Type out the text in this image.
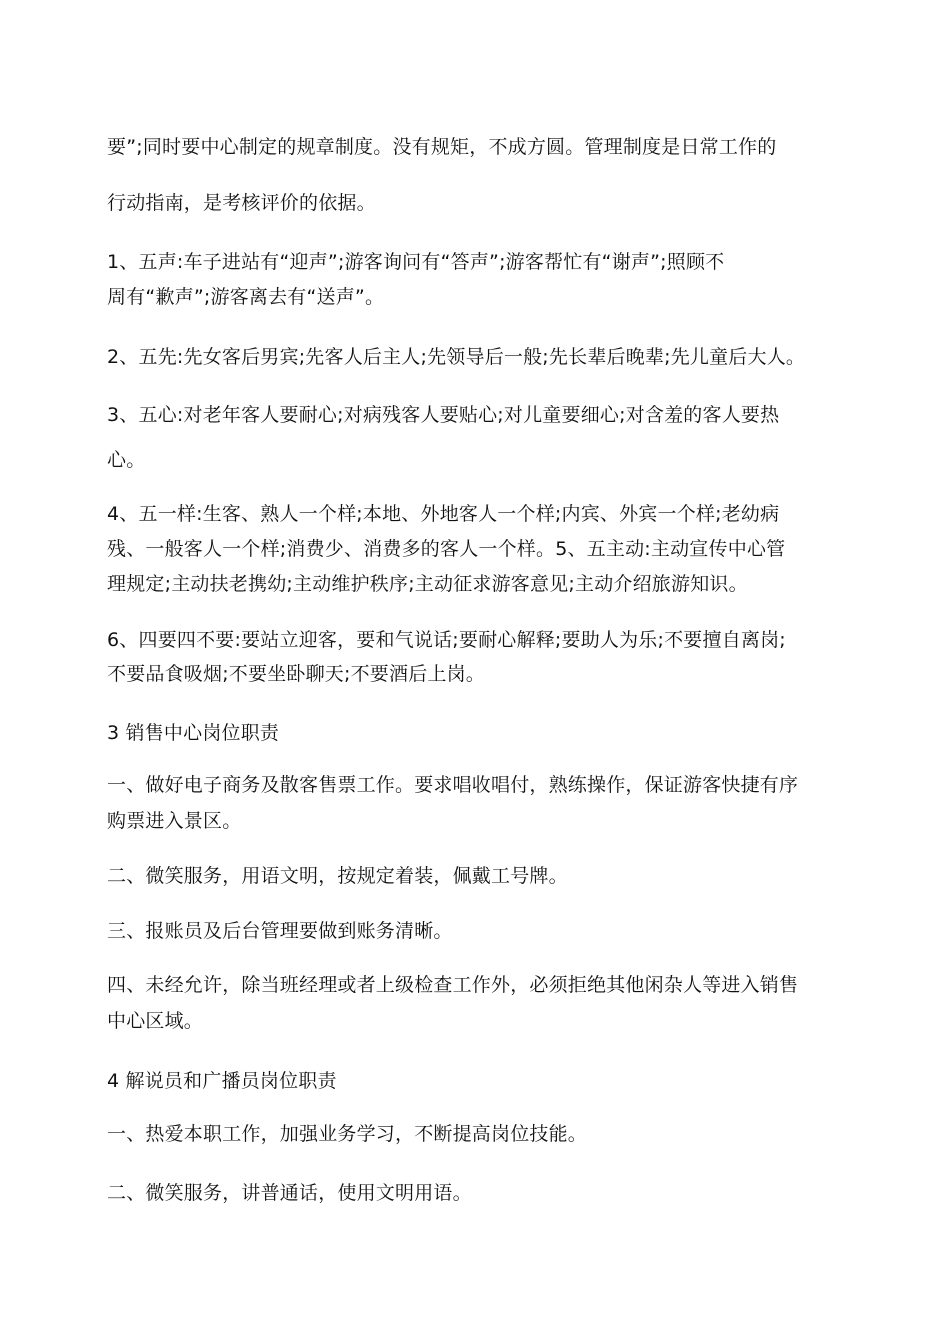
要”;同时要中心制定的规章制度。没有规矩，不成方圆。管理制度是日常工作的
行动指南，是考核评价的依据。
1、五声:车子进站有“迎声”;游客询问有“答声”;游客帮忙有“谢声”;照顾不
周有“歉声”;游客离去有“送声”。
2、五先:先女客后男宾;先客人后主人;先领导后一般;先长辈后晚辈;先儿童后大人。
3、五心:对老年客人要耐心;对病残客人要贴心;对儿童要细心;对含羞的客人要热
心。
4、五一样:生客、熟人一个样;本地、外地客人一个样;内宾、外宾一个样;老幼病
残、一般客人一个样;消费少、消费多的客人一个样。5、五主动:主动宣传中心管
理规定;主动扶老携幼;主动维护秩序;主动征求游客意见;主动介绍旅游知识。
6、四要四不要:要站立迎客，要和气说话;要耐心解释;要助人为乐;不要擅自离岗;
不要品食吸烟;不要坐卧聊天;不要酒后上岗。
3 销售中心岗位职责
一、做好电子商务及散客售票工作。要求唱收唱付，熟练操作，保证游客快捷有序
购票进入景区。
二、微笑服务，用语文明，按规定着装，佩戴工号牌。
三、报账员及后台管理要做到账务清晰。
四、未经允许，除当班经理或者上级检查工作外，必须拒绝其他闲杂人等进入销售
中心区域。
4 解说员和广播员岗位职责
一、热爱本职工作，加强业务学习，不断提高岗位技能。
二、微笑服务，讲普通话，使用文明用语。
